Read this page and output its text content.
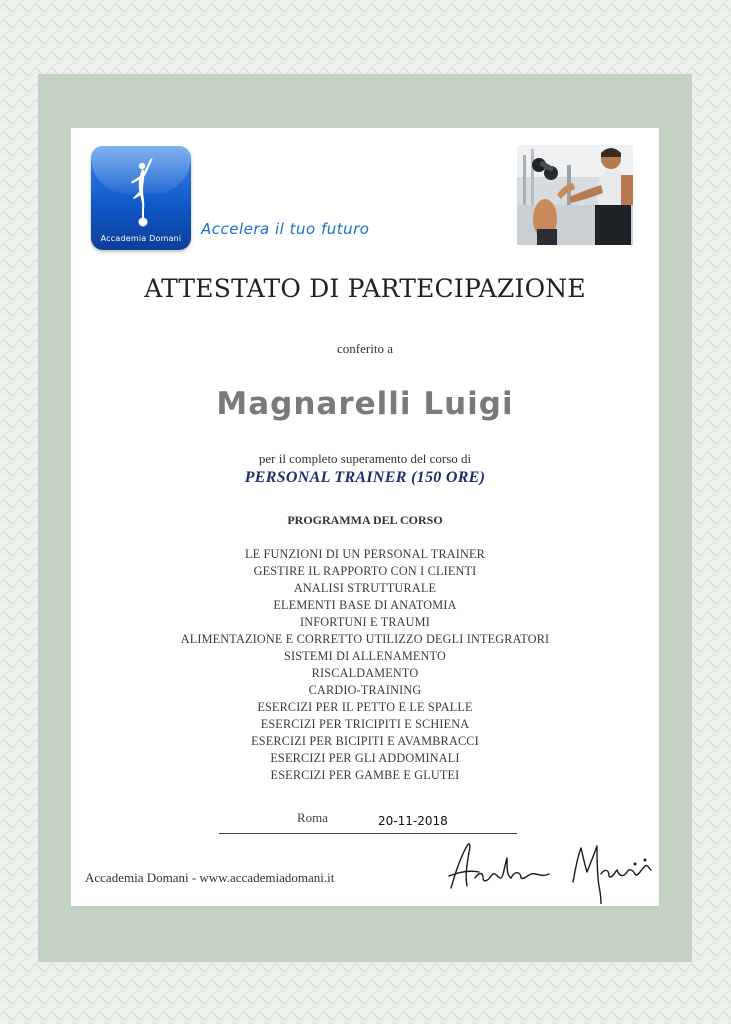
Accademia Domani
Accelera il tuo futuro
ATTESTATO DI PARTECIPAZIONE
conferito a
Magnarelli Luigi
per il completo superamento del corso di
PERSONAL TRAINER (150 ORE)
PROGRAMMA DEL CORSO
LE FUNZIONI DI UN PERSONAL TRAINER
GESTIRE IL RAPPORTO CON I CLIENTI
ANALISI STRUTTURALE
ELEMENTI BASE DI ANATOMIA
INFORTUNI E TRAUMI
ALIMENTAZIONE E CORRETTO UTILIZZO DEGLI INTEGRATORI
SISTEMI DI ALLENAMENTO
RISCALDAMENTO
CARDIO-TRAINING
ESERCIZI PER IL PETTO E LE SPALLE
ESERCIZI PER TRICIPITI E SCHIENA
ESERCIZI PER BICIPITI E AVAMBRACCI
ESERCIZI PER GLI ADDOMINALI
ESERCIZI PER GAMBE E GLUTEI
Roma	20-11-2018
Accademia Domani - www.accademiadomani.it
